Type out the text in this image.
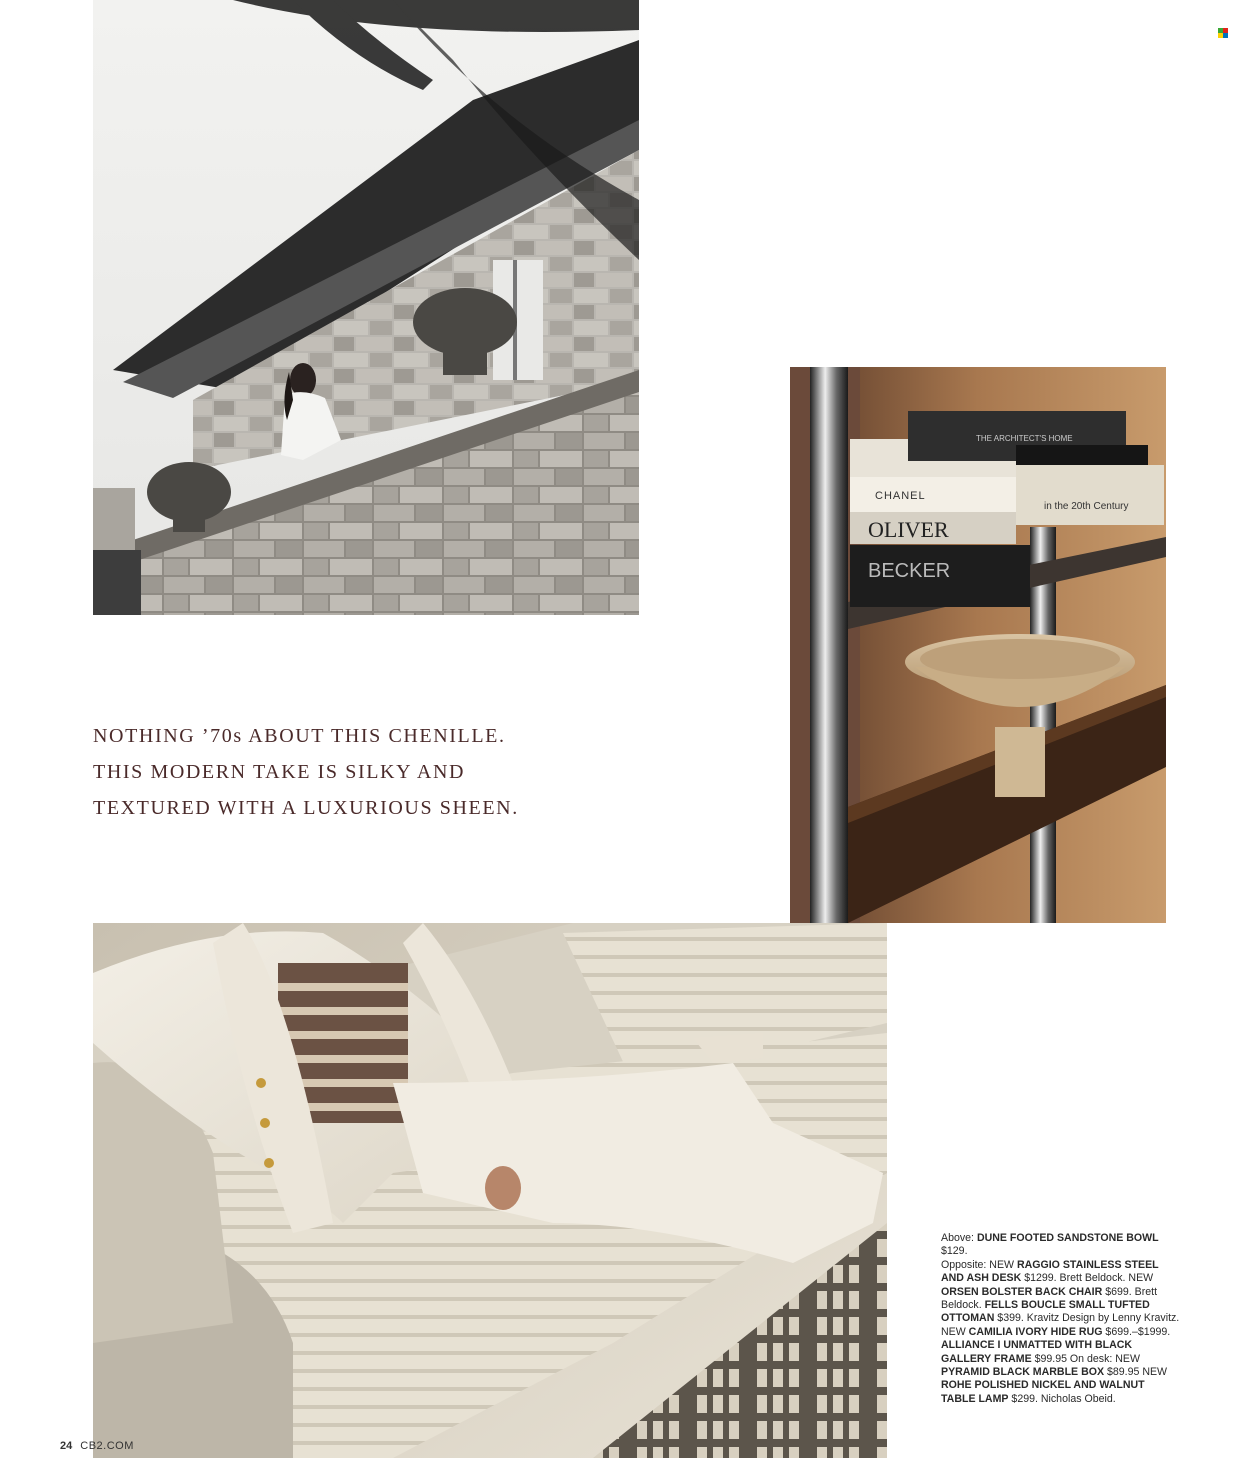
NOTHING ’70s ABOUT THIS CHENILLE.
THIS MODERN TAKE IS SILKY AND
TEXTURED WITH A LUXURIOUS SHEEN.
CHANEL
OLIVER
BECKER
THE ARCHITECT'S HOME
in the 20th Century
Above: DUNE FOOTED SANDSTONE BOWL $129.
Opposite: NEW RAGGIO STAINLESS STEEL AND ASH DESK $1299. Brett Beldock. NEW ORSEN BOLSTER BACK CHAIR $699. Brett Beldock. FELLS BOUCLE SMALL TUFTED OTTOMAN $399. Kravitz Design by Lenny Kravitz. NEW CAMILIA IVORY HIDE RUG $699.–$1999. ALLIANCE I UNMATTED WITH BLACK GALLERY FRAME $99.95 On desk: NEW PYRAMID BLACK MARBLE BOX $89.95 NEW ROHE POLISHED NICKEL AND WALNUT TABLE LAMP $299. Nicholas Obeid.
24 CB2.COM
